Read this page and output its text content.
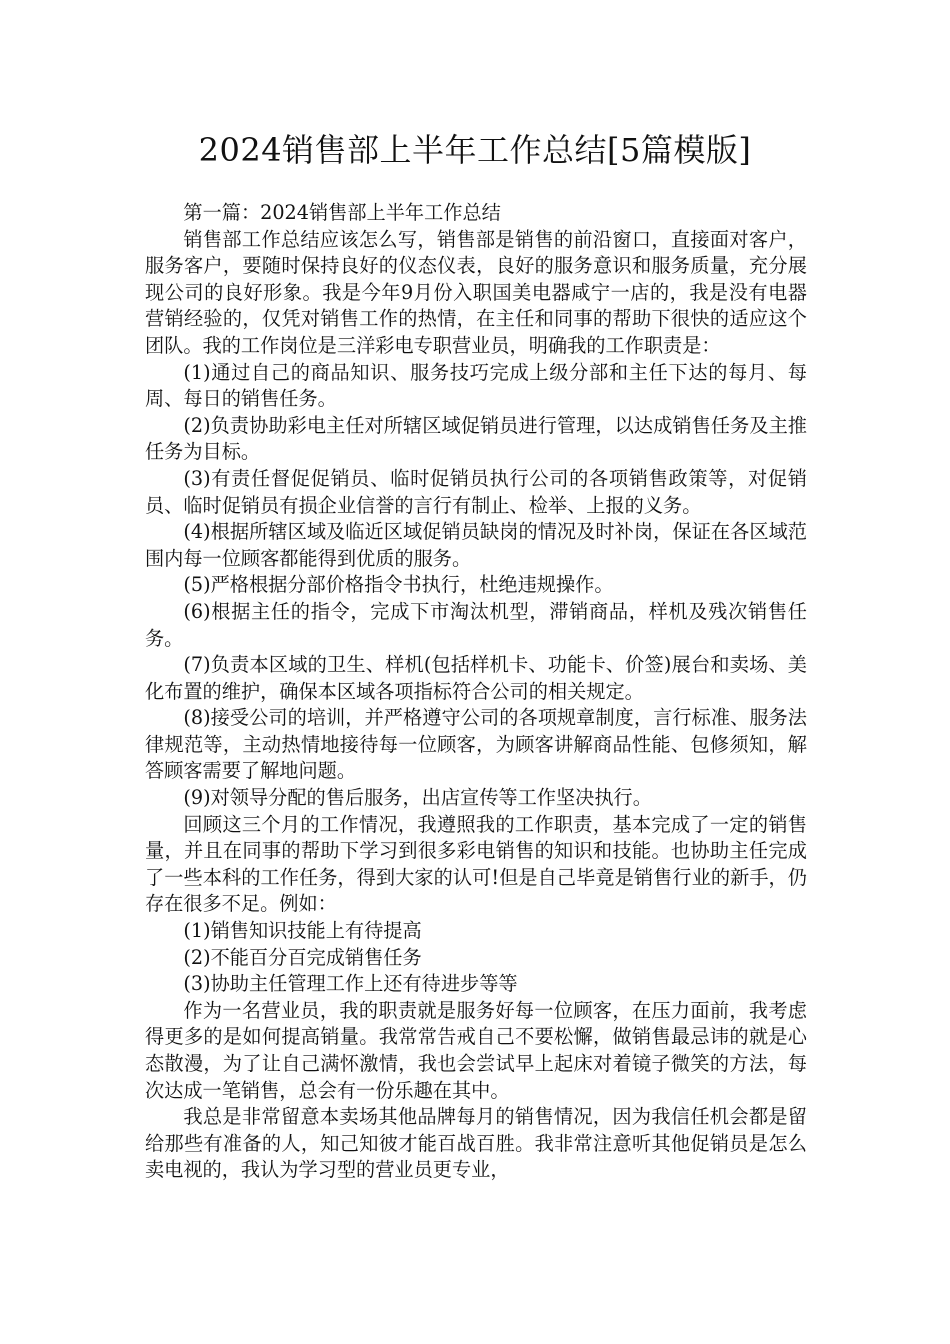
2024销售部上半年工作总结[5篇模版]

第一篇：2024销售部上半年工作总结

销售部工作总结应该怎么写，销售部是销售的前沿窗口，直接面对客户，服务客户，要随时保持良好的仪态仪表，良好的服务意识和服务质量，充分展现公司的良好形象。我是今年9月份入职国美电器咸宁一店的，我是没有电器营销经验的，仅凭对销售工作的热情，在主任和同事的帮助下很快的适应这个团队。我的工作岗位是三洋彩电专职营业员，明确我的工作职责是：

(1)通过自己的商品知识、服务技巧完成上级分部和主任下达的每月、每周、每日的销售任务。

(2)负责协助彩电主任对所辖区域促销员进行管理，以达成销售任务及主推任务为目标。

(3)有责任督促促销员、临时促销员执行公司的各项销售政策等，对促销员、临时促销员有损企业信誉的言行有制止、检举、上报的义务。

(4)根据所辖区域及临近区域促销员缺岗的情况及时补岗，保证在各区域范围内每一位顾客都能得到优质的服务。

(5)严格根据分部价格指令书执行，杜绝违规操作。

(6)根据主任的指令，完成下市淘汰机型，滞销商品，样机及残次销售任务。

(7)负责本区域的卫生、样机(包括样机卡、功能卡、价签)展台和卖场、美化布置的维护，确保本区域各项指标符合公司的相关规定。

(8)接受公司的培训，并严格遵守公司的各项规章制度，言行标准、服务法律规范等，主动热情地接待每一位顾客，为顾客讲解商品性能、包修须知，解答顾客需要了解地问题。

(9)对领导分配的售后服务，出店宣传等工作坚决执行。

回顾这三个月的工作情况，我遵照我的工作职责，基本完成了一定的销售量，并且在同事的帮助下学习到很多彩电销售的知识和技能。也协助主任完成了一些本科的工作任务，得到大家的认可!但是自己毕竟是销售行业的新手，仍存在很多不足。例如：

(1)销售知识技能上有待提高

(2)不能百分百完成销售任务

(3)协助主任管理工作上还有待进步等等

作为一名营业员，我的职责就是服务好每一位顾客，在压力面前，我考虑得更多的是如何提高销量。我常常告戒自己不要松懈，做销售最忌讳的就是心态散漫，为了让自己满怀激情，我也会尝试早上起床对着镜子微笑的方法，每次达成一笔销售，总会有一份乐趣在其中。

我总是非常留意本卖场其他品牌每月的销售情况，因为我信任机会都是留给那些有准备的人，知己知彼才能百战百胜。我非常注意听其他促销员是怎么卖电视的，我认为学习型的营业员更专业，
